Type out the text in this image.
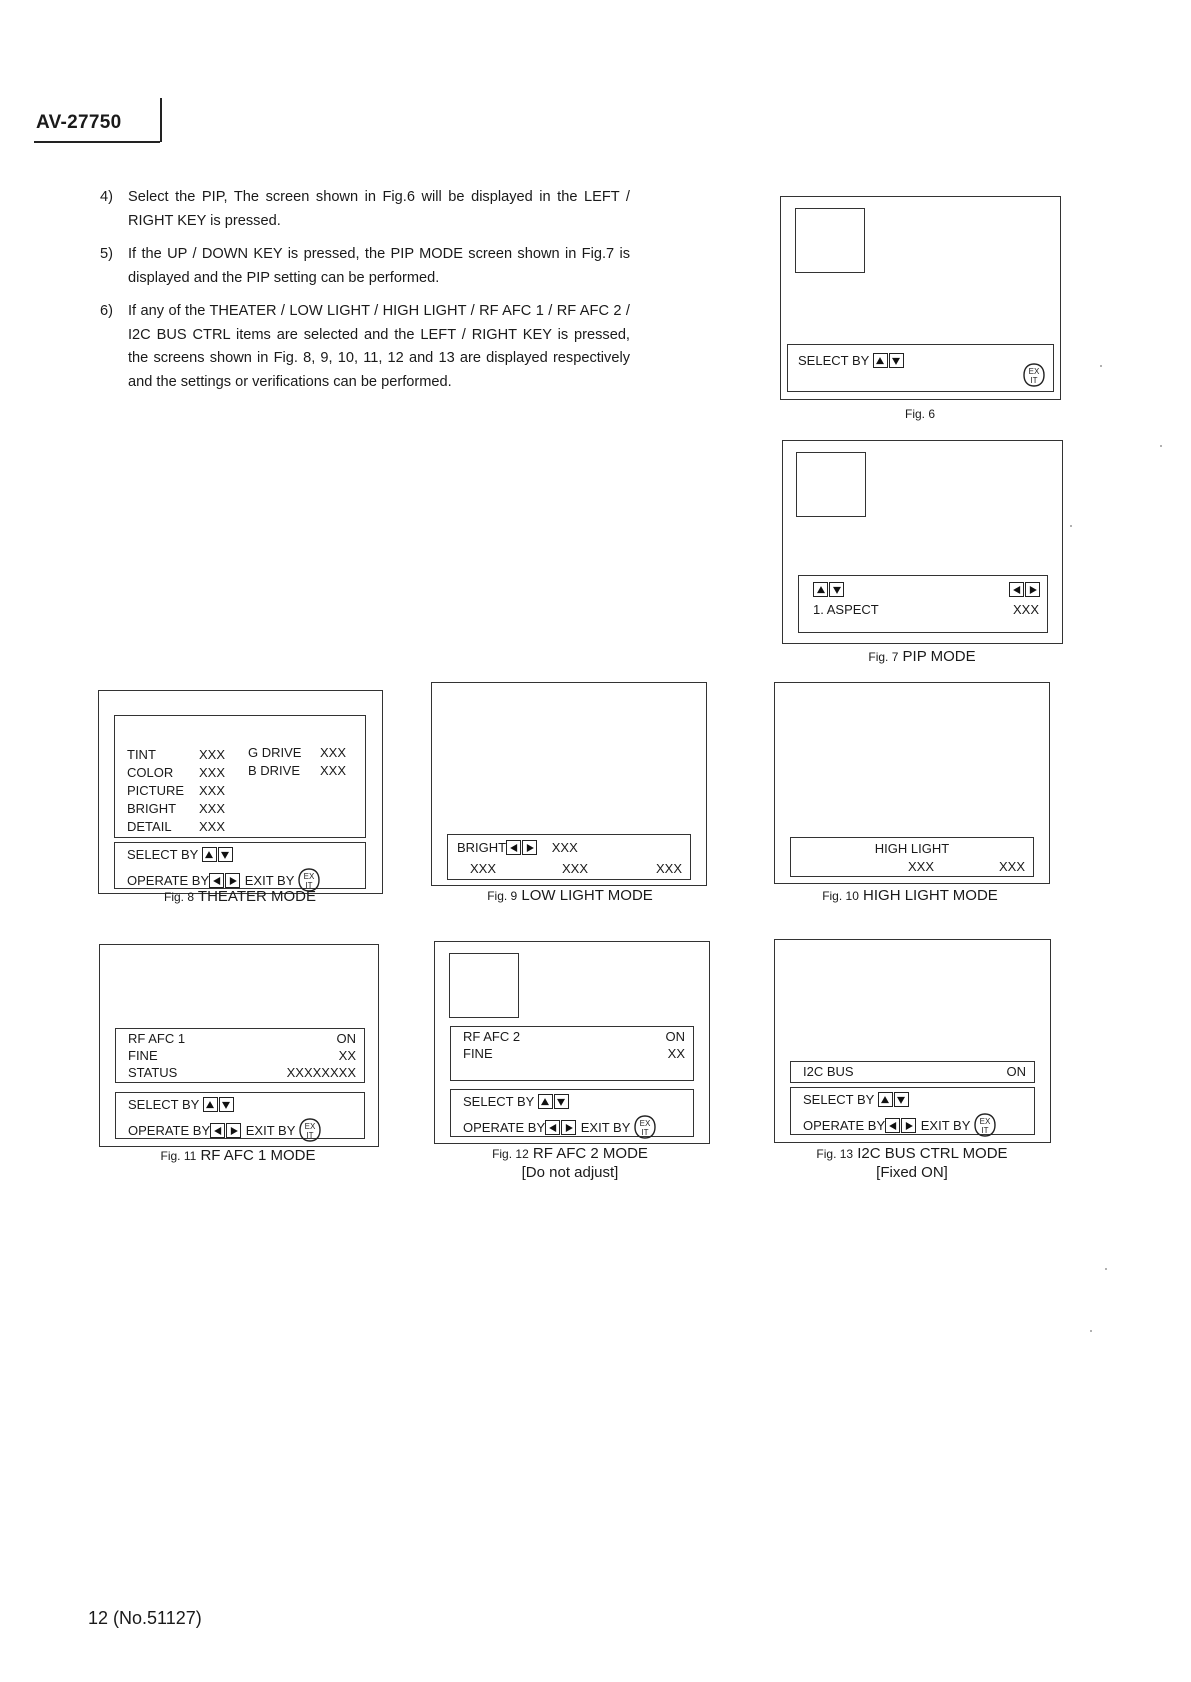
AV-27750
4) Select the PIP, The screen shown in Fig.6 will be displayed in the LEFT / RIGHT KEY is pressed.
5) If the UP / DOWN KEY is pressed, the PIP MODE screen shown in Fig.7 is displayed and the PIP setting can be performed.
6) If any of the THEATER / LOW LIGHT / HIGH LIGHT / RF AFC 1 / RF AFC 2 / I2C BUS CTRL items are selected and the LEFT / RIGHT KEY is pressed, the screens shown in Fig. 8, 9, 10, 11, 12 and 13 are displayed respectively and the settings or verifications can be performed.
SELECT BY
Fig. 6
1. ASPECT	XXX
Fig. 7 PIP MODE
TINT	XXX G DRIVE XXX
COLOR XXX B DRIVE XXX
PICTURE XXX
BRIGHT XXX
DETAIL XXX
SELECT BY
OPERATE BY	EXIT BY
Fig. 8 THEATER MODE
BRIGHT	XXX
XXX	XXX	XXX
Fig. 9 LOW LIGHT MODE
HIGH LIGHT
XXX	XXX
Fig. 10 HIGH LIGHT MODE
RF AFC 1	ON
FINE	XX
STATUS	XXXXXXXX
SELECT BY
OPERATE BY	EXIT BY
Fig. 11 RF AFC 1 MODE
RF AFC 2	ON
FINE	XX
SELECT BY
OPERATE BY	EXIT BY
Fig. 12 RF AFC 2 MODE
[Do not adjust]
I2C BUS	ON
SELECT BY
OPERATE BY	EXIT BY
Fig. 13 I2C BUS CTRL MODE
[Fixed ON]
12 (No.51127)
